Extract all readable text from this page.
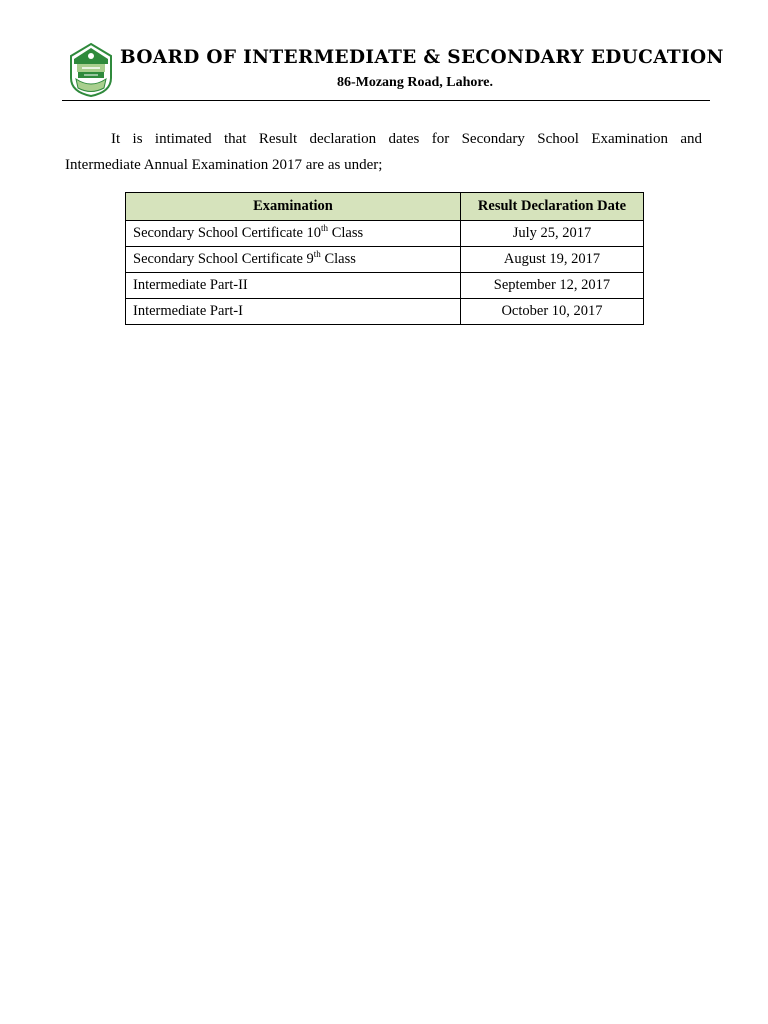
BOARD OF INTERMEDIATE & SECONDARY EDUCATION
86-Mozang Road, Lahore.
It is intimated that Result declaration dates for Secondary School Examination and
Intermediate Annual Examination 2017 are as under;
Examination	Result Declaration Date
Secondary School Certificate 10th Class	July 25, 2017
Secondary School Certificate 9th Class	August 19, 2017
Intermediate Part-II	September 12, 2017
Intermediate Part-I	October 10, 2017
